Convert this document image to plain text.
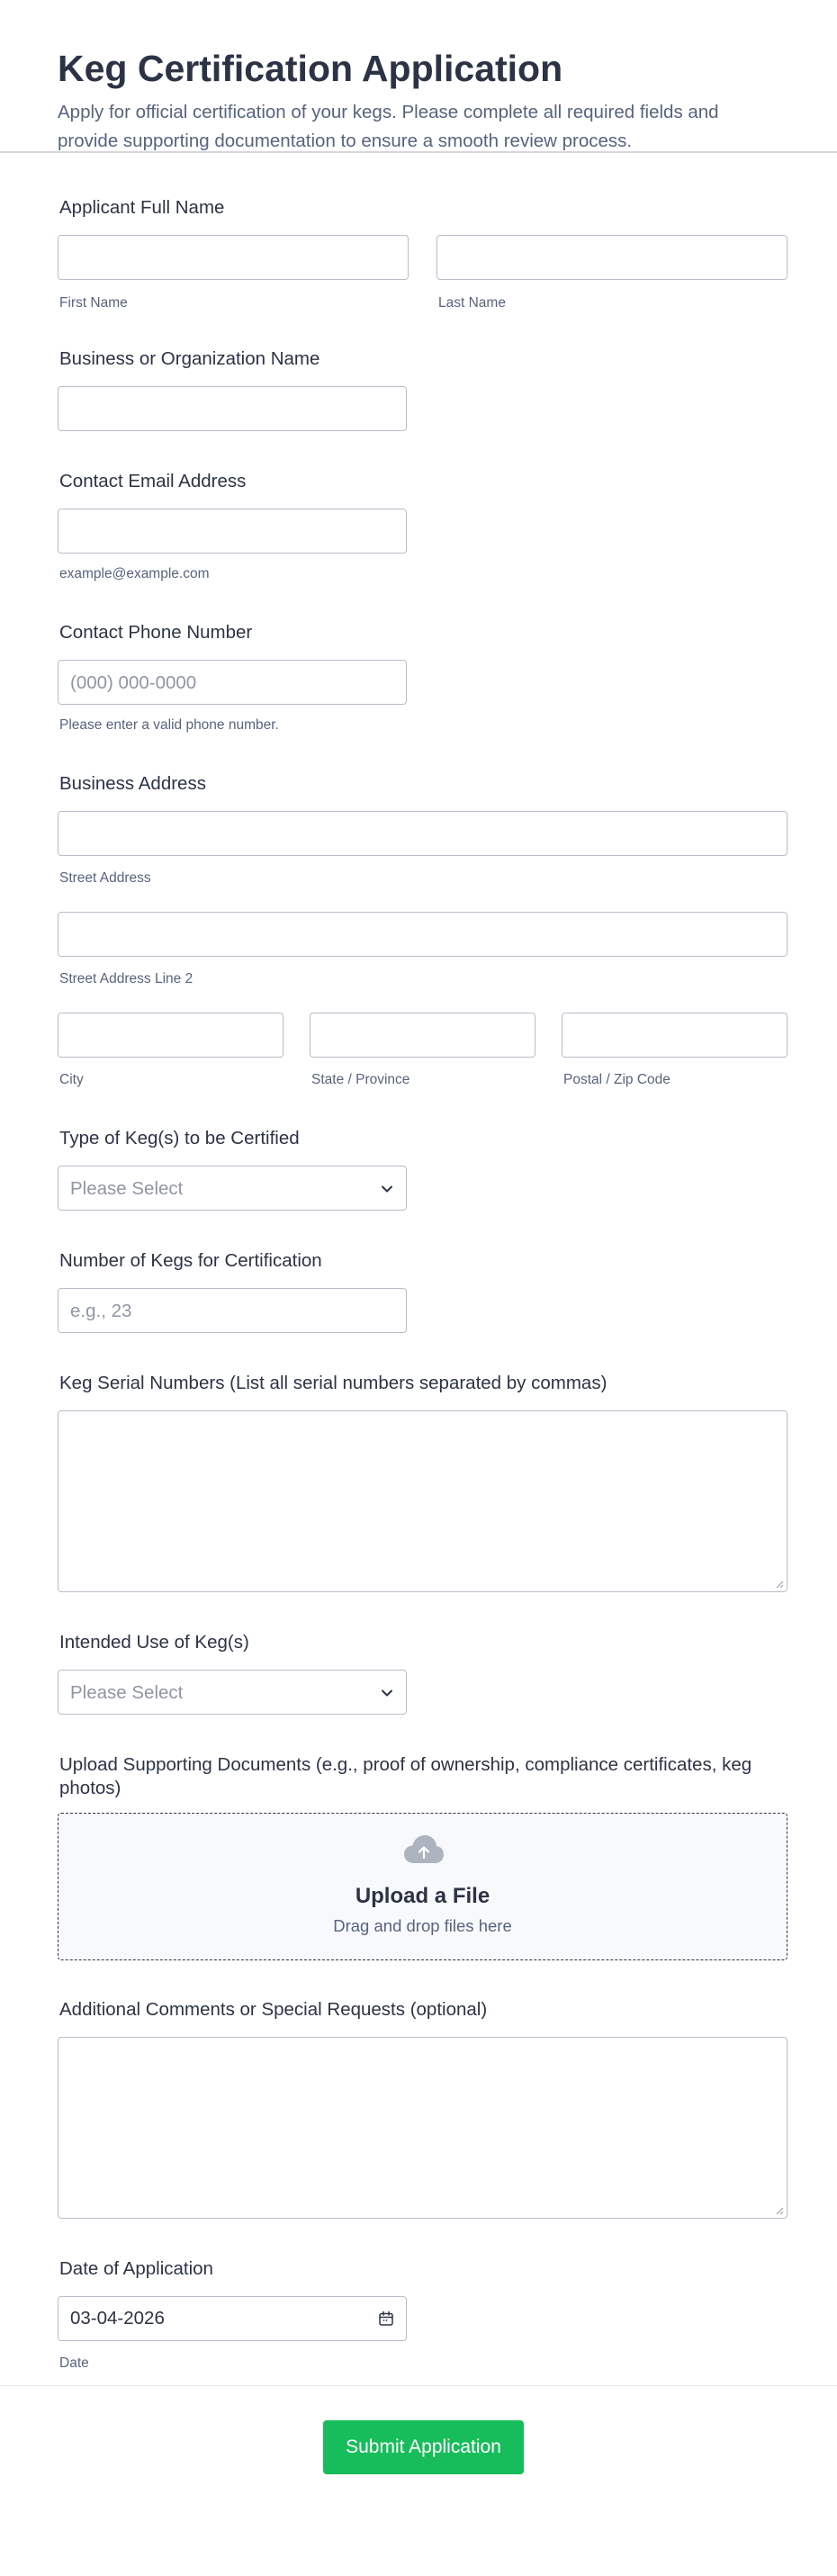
Keg Certification Application
Apply for official certification of your kegs. Please complete all required fields and provide supporting documentation to ensure a smooth review process.
Applicant Full Name
First Name	Last Name
Business or Organization Name
Contact Email Address
example@example.com
Contact Phone Number
(000) 000-0000
Please enter a valid phone number.
Business Address
Street Address
Street Address Line 2
City	State / Province	Postal / Zip Code
Type of Keg(s) to be Certified
Please Select
Number of Kegs for Certification
e.g., 23
Keg Serial Numbers (List all serial numbers separated by commas)
Intended Use of Keg(s)
Please Select
Upload Supporting Documents (e.g., proof of ownership, compliance certificates, keg photos)
Upload a File
Drag and drop files here
Additional Comments or Special Requests (optional)
Date of Application
03-04-2026
Date
Submit Application
